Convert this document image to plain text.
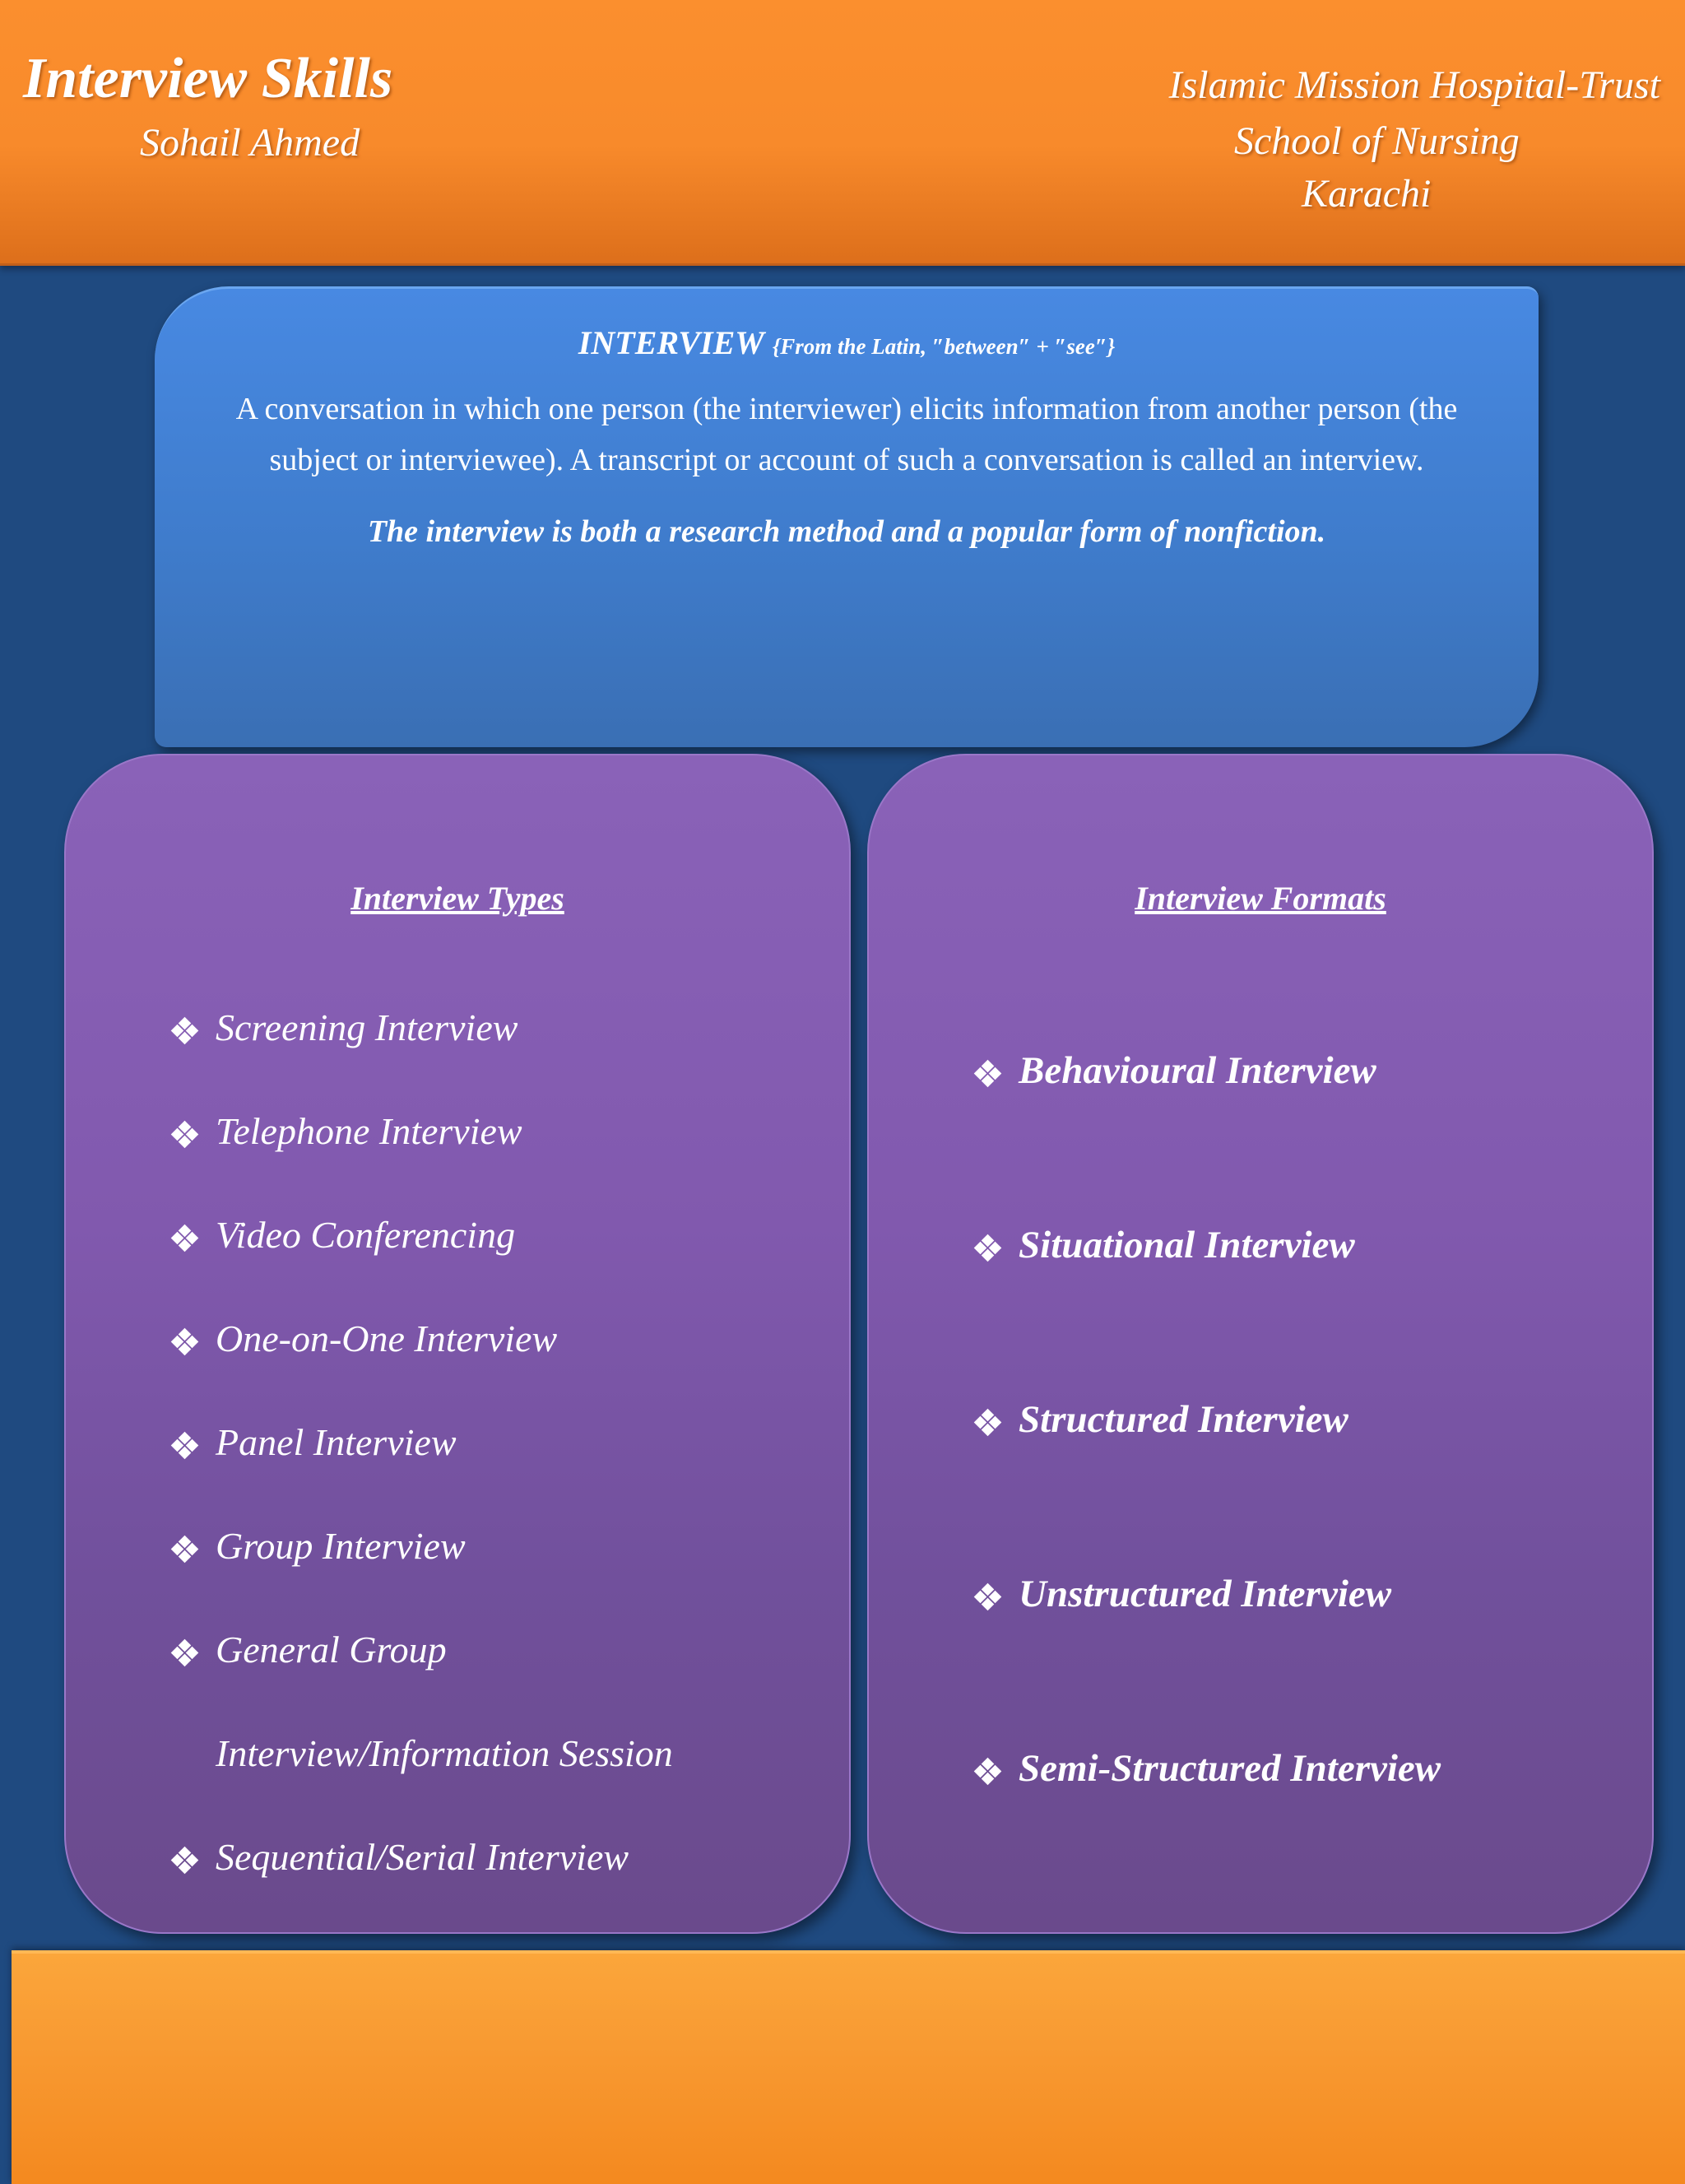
Interview Skills
Sohail Ahmed
Islamic Mission Hospital-Trust
School of Nursing
Karachi

INTERVIEW {From the Latin, ″between″ + ″see″}

A conversation in which one person (the interviewer) elicits information from another person (the subject or interviewee). A transcript or account of such a conversation is called an interview.

The interview is both a research method and a popular form of nonfiction.

Interview Types
Screening Interview
Telephone Interview
Video Conferencing
One-on-One Interview
Panel Interview
Group Interview
General Group
Interview/Information Session
Sequential/Serial Interview
Interview Formats
Behavioural Interview
Situational Interview
Structured Interview
Unstructured Interview
Semi-Structured Interview
